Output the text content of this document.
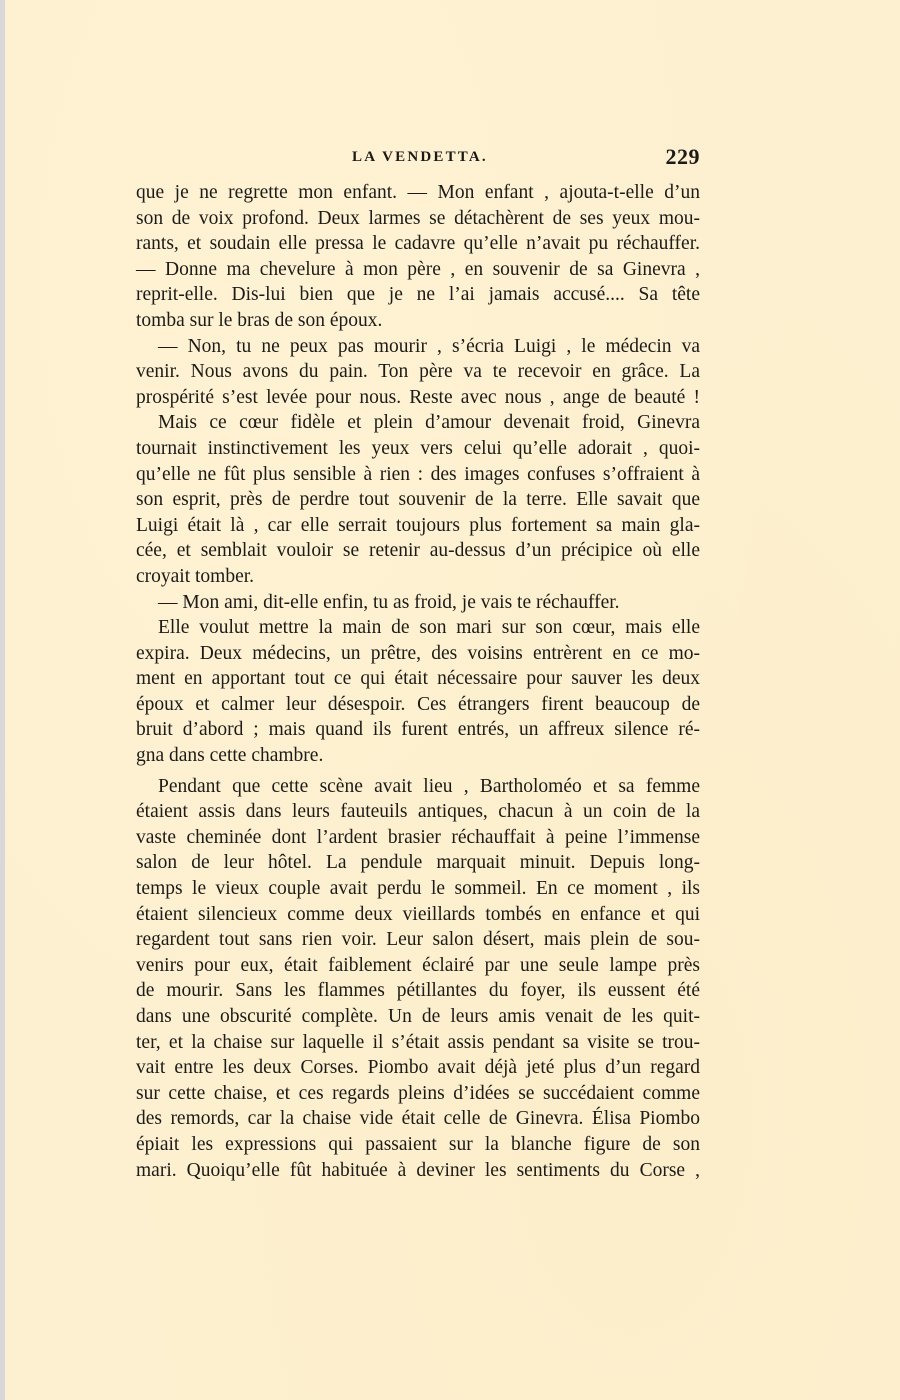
LA VENDETTA.	229
que je ne regrette mon enfant. — Mon enfant , ajouta-t-elle d’un
son de voix profond. Deux larmes se détachèrent de ses yeux mou-
rants, et soudain elle pressa le cadavre qu’elle n’avait pu réchauffer.
— Donne ma chevelure à mon père , en souvenir de sa Ginevra ,
reprit-elle. Dis-lui bien que je ne l’ai jamais accusé.... Sa tête
tomba sur le bras de son époux.
— Non, tu ne peux pas mourir , s’écria Luigi , le médecin va
venir. Nous avons du pain. Ton père va te recevoir en grâce. La
prospérité s’est levée pour nous. Reste avec nous , ange de beauté !
Mais ce cœur fidèle et plein d’amour devenait froid, Ginevra
tournait instinctivement les yeux vers celui qu’elle adorait , quoi-
qu’elle ne fût plus sensible à rien : des images confuses s’offraient à
son esprit, près de perdre tout souvenir de la terre. Elle savait que
Luigi était là , car elle serrait toujours plus fortement sa main gla-
cée, et semblait vouloir se retenir au-dessus d’un précipice où elle
croyait tomber.
— Mon ami, dit-elle enfin, tu as froid, je vais te réchauffer.
Elle voulut mettre la main de son mari sur son cœur, mais elle
expira. Deux médecins, un prêtre, des voisins entrèrent en ce mo-
ment en apportant tout ce qui était nécessaire pour sauver les deux
époux et calmer leur désespoir. Ces étrangers firent beaucoup de
bruit d’abord ; mais quand ils furent entrés, un affreux silence ré-
gna dans cette chambre.
Pendant que cette scène avait lieu , Bartholoméo et sa femme
étaient assis dans leurs fauteuils antiques, chacun à un coin de la
vaste cheminée dont l’ardent brasier réchauffait à peine l’immense
salon de leur hôtel. La pendule marquait minuit. Depuis long-
temps le vieux couple avait perdu le sommeil. En ce moment , ils
étaient silencieux comme deux vieillards tombés en enfance et qui
regardent tout sans rien voir. Leur salon désert, mais plein de sou-
venirs pour eux, était faiblement éclairé par une seule lampe près
de mourir. Sans les flammes pétillantes du foyer, ils eussent été
dans une obscurité complète. Un de leurs amis venait de les quit-
ter, et la chaise sur laquelle il s’était assis pendant sa visite se trou-
vait entre les deux Corses. Piombo avait déjà jeté plus d’un regard
sur cette chaise, et ces regards pleins d’idées se succédaient comme
des remords, car la chaise vide était celle de Ginevra. Élisa Piombo
épiait les expressions qui passaient sur la blanche figure de son
mari. Quoiqu’elle fût habituée à deviner les sentiments du Corse ,
